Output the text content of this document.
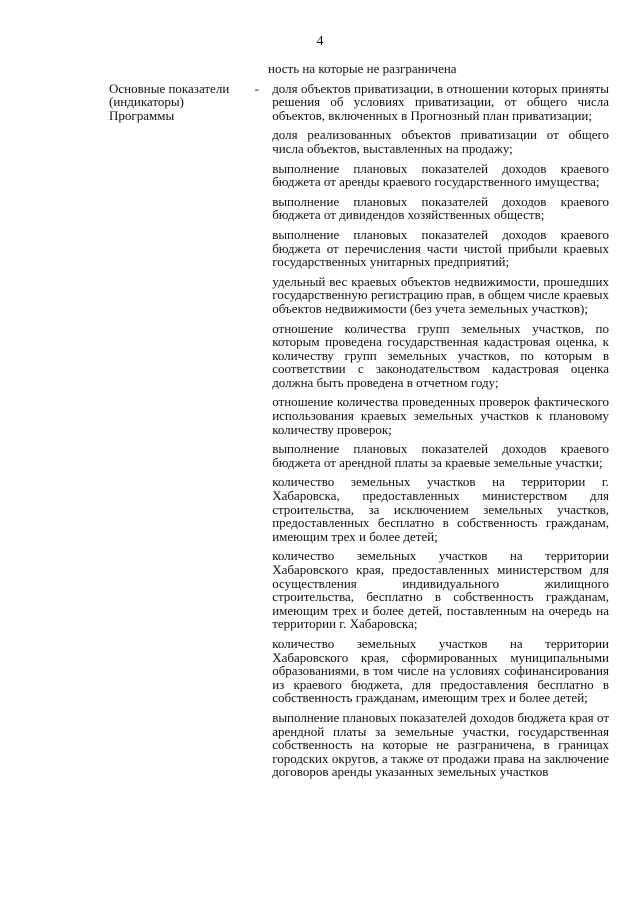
4
ность на которые не разграничена
Основные показатели (индикаторы) Программы
-	доля объектов приватизации, в отношении которых приняты решения об условиях приватизации, от общего числа объектов, включенных в Прогнозный план приватизации;
доля реализованных объектов приватизации от общего числа объектов, выставленных на продажу;
выполнение плановых показателей доходов краевого бюджета от аренды краевого государственного имущества;
выполнение плановых показателей доходов краевого бюджета от дивидендов хозяйственных обществ;
выполнение плановых показателей доходов краевого бюджета от перечисления части чистой прибыли краевых государственных унитарных предприятий;
удельный вес краевых объектов недвижимости, прошедших государственную регистрацию прав, в общем числе краевых объектов недвижимости (без учета земельных участков);
отношение количества групп земельных участков, по которым проведена государственная кадастровая оценка, к количеству групп земельных участков, по которым в соответствии с законодательством кадастровая оценка должна быть проведена в отчетном году;
отношение количества проведенных проверок фактического использования краевых земельных участков к плановому количеству проверок;
выполнение плановых показателей доходов краевого бюджета от арендной платы за краевые земельные участки;
количество земельных участков на территории г. Хабаровска, предоставленных министерством для строительства, за исключением земельных участков, предоставленных бесплатно в собственность гражданам, имеющим трех и более детей;
количество земельных участков на территории Хабаровского края, предоставленных министерством для осуществления индивидуального жилищного строительства, бесплатно в собственность гражданам, имеющим трех и более детей, поставленным на очередь на территории г. Хабаровска;
количество земельных участков на территории Хабаровского края, сформированных муниципальными образованиями, в том числе на условиях софинансирования из краевого бюджета, для предоставления бесплатно в собственность гражданам, имеющим трех и более детей;
выполнение плановых показателей доходов бюджета края от арендной платы за земельные участки, государственная собственность на которые не разграничена, в границах городских округов, а также от продажи права на заключение договоров аренды указанных земельных участков
